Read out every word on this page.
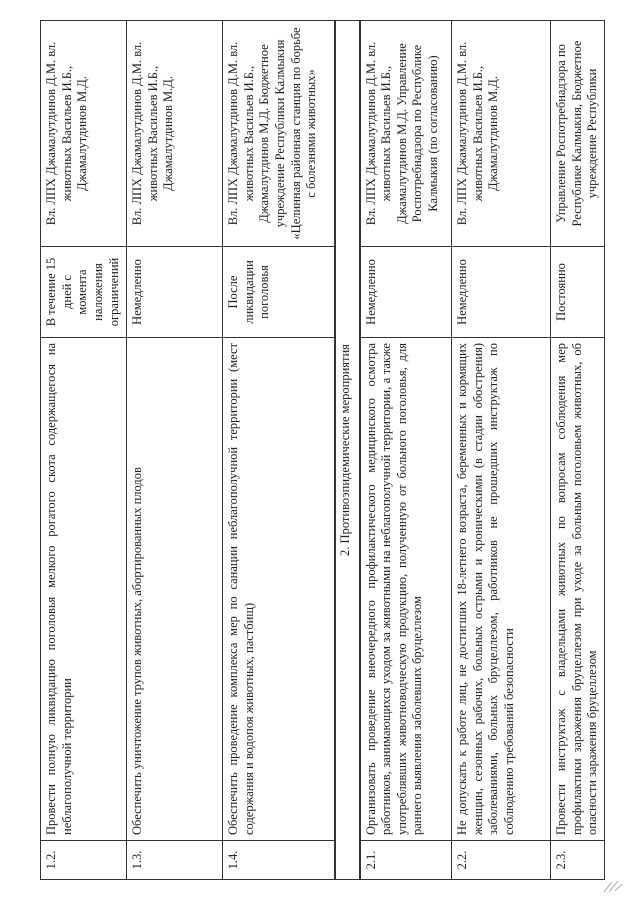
1.2.	Провести полную ликвидацию поголовья мелкого рогатого скота содержащегося на неблагополучной территории	В течение 15 дней с момента наложения ограничений	Вл. ЛПХ Джамалутдинов Д.М. вл. животных Васильев И.Б., Джамалутдинов М.Д.
1.3.	Обеспечить уничтожение трупов животных, абортированных плодов	Немедленно	Вл. ЛПХ Джамалутдинов Д.М. вл. животных Васильев И.Б., Джамалутдинов М.Д.
1.4.	Обеспечить проведение комплекса мер по санации неблагополучной территории (мест содержания и водопоя животных, пастбищ)	После ликвидации поголовья	Вл. ЛПХ Джамалутдинов Д.М. вл. животных Васильев И.Б., Джамалутдинов М.Д. Бюджетное учреждение Республики Калмыкия «Целинная районная станция по борьбе с болезнями животных»
2. Противоэпидемические мероприятия			
2.1.	Организовать проведение внеочередного профилактического медицинского осмотра работников, занимающихся уходом за животными на неблагополучной территории, а также употреблявших животноводческую продукцию, полученную от больного поголовья, для раннего выявления заболевших бруцеллезом	Немедленно	Вл. ЛПХ Джамалутдинов Д.М. вл. животных Васильев И.Б., Джамалутдинов М.Д. Управление Роспотребнадзора по Республике Калмыкия (по согласованию)
2.2.	Не допускать к работе лиц, не достигших 18-летнего возраста, беременных и кормящих женщин, сезонных рабочих, больных острыми и хроническими (в стадии обострения) заболеваниями, больных бруцеллезом, работников не прошедших инструктаж по соблюдению требований безопасности	Немедленно	Вл. ЛПХ Джамалутдинов Д.М. вл. животных Васильев И.Б., Джамалутдинов М.Д.
2.3.	Провести инструктаж с владельцами животных по вопросам соблюдения мер профилактики заражения бруцеллезом при уходе за больным поголовьем животных, об опасности заражения бруцеллезом	Постоянно	Управление Роспотребнадзора по Республике Калмыкия, Бюджетное учреждение Республики
